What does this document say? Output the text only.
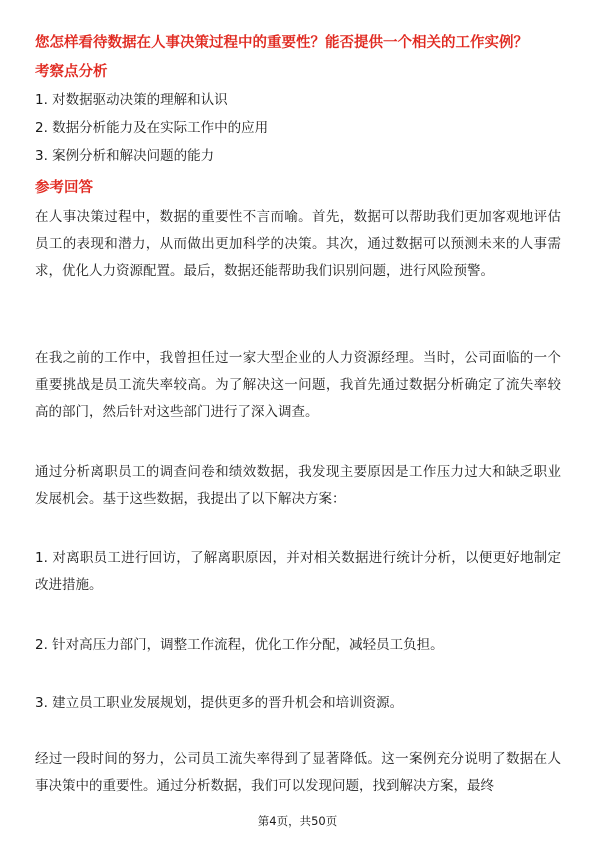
您怎样看待数据在人事决策过程中的重要性？能否提供一个相关的工作实例？
考察点分析
1. 对数据驱动决策的理解和认识
2. 数据分析能力及在实际工作中的应用
3. 案例分析和解决问题的能力
参考回答
在人事决策过程中，数据的重要性不言而喻。首先，数据可以帮助我们更加客观地评估员工的表现和潜力，从而做出更加科学的决策。其次，通过数据可以预测未来的人事需求，优化人力资源配置。最后，数据还能帮助我们识别问题，进行风险预警。
在我之前的工作中，我曾担任过一家大型企业的人力资源经理。当时，公司面临的一个重要挑战是员工流失率较高。为了解决这一问题，我首先通过数据分析确定了流失率较高的部门，然后针对这些部门进行了深入调查。
通过分析离职员工的调查问卷和绩效数据，我发现主要原因是工作压力过大和缺乏职业发展机会。基于这些数据，我提出了以下解决方案：
1. 对离职员工进行回访，了解离职原因，并对相关数据进行统计分析，以便更好地制定改进措施。
2. 针对高压力部门，调整工作流程，优化工作分配，减轻员工负担。
3. 建立员工职业发展规划，提供更多的晋升机会和培训资源。
经过一段时间的努力，公司员工流失率得到了显著降低。这一案例充分说明了数据在人事决策中的重要性。通过分析数据，我们可以发现问题，找到解决方案，最终
第4页，共50页
